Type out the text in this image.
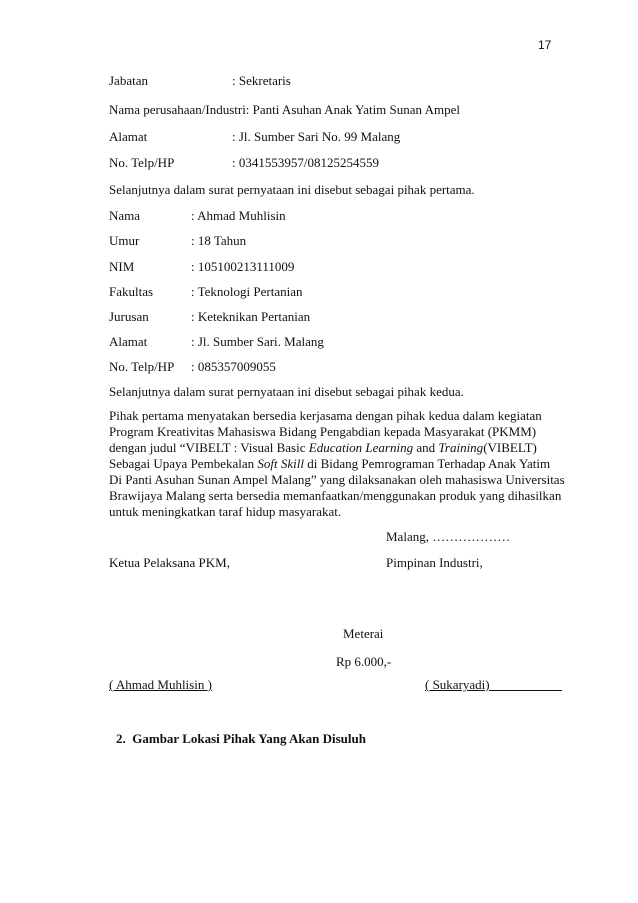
17
Jabatan	: Sekretaris
Nama perusahaan/Industri: Panti Asuhan Anak Yatim Sunan Ampel
Alamat	: Jl. Sumber Sari No. 99 Malang
No. Telp/HP	: 0341553957/08125254559
Selanjutnya dalam surat pernyataan ini disebut sebagai pihak pertama.
Nama	: Ahmad Muhlisin
Umur	: 18 Tahun
NIM	: 105100213111009
Fakultas	: Teknologi Pertanian
Jurusan	: Keteknikan Pertanian
Alamat	: Jl. Sumber Sari. Malang
No. Telp/HP : 085357009055
Selanjutnya dalam surat pernyataan ini disebut sebagai pihak kedua.

Pihak pertama menyatakan bersedia kerjasama dengan pihak kedua dalam kegiatan

Program Kreativitas Mahasiswa Bidang Pengabdian kepada Masyarakat (PKMM)

dengan judul “VIBELT : Visual Basic Education Learning and Training(VIBELT)

Sebagai Upaya Pembekalan Soft Skill di Bidang Pemrograman Terhadap Anak Yatim

Di Panti Asuhan Sunan Ampel Malang” yang dilaksanakan oleh mahasiswa Universitas

Brawijaya Malang serta bersedia memanfaatkan/menggunakan produk yang dihasilkan

untuk meningkatkan taraf hidup masyarakat.

Malang, ………………
Ketua Pelaksana PKM,	Pimpinan Industri,
Meterai
Rp 6.000,-
( Ahmad Muhlisin )	( Sukaryadi)
2. Gambar Lokasi Pihak Yang Akan Disuluh
